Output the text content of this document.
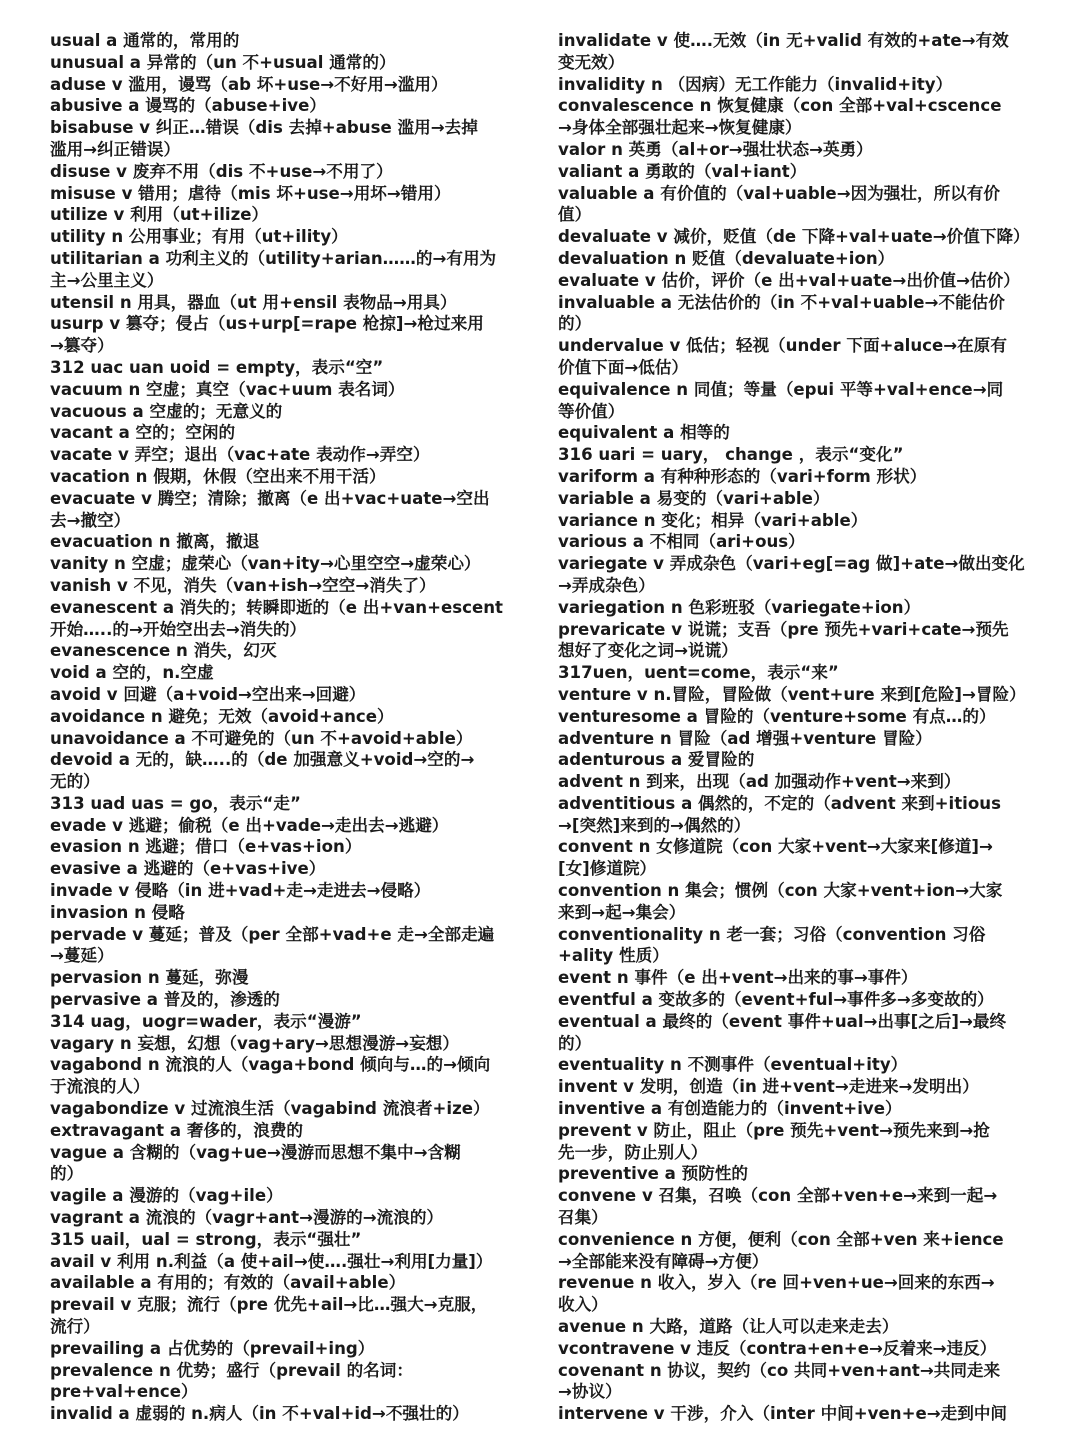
usual a 通常的，常用的
unusual a 异常的（un 不+usual 通常的）
aduse v 滥用，谩骂（ab 坏+use→不好用→滥用）
abusive a 谩骂的（abuse+ive）
bisabuse v 纠正…错误（dis 去掉+abuse 滥用→去掉
滥用→纠正错误）
disuse v 废弃不用（dis 不+use→不用了）
misuse v 错用；虐待（mis 坏+use→用坏→错用）
utilize v 利用（ut+ilize）
utility n 公用事业；有用（ut+ility）
utilitarian a 功利主义的（utility+arian……的→有用为
主→公里主义）
utensil n 用具，器血（ut 用+ensil 表物品→用具）
usurp v 篡夺；侵占（us+urp[=rape 枪掠]→枪过来用
→篡夺）
312 uac uan uoid = empty，表示“空”
vacuum n 空虚；真空（vac+uum 表名词）
vacuous a 空虚的；无意义的
vacant a 空的；空闲的
vacate v 弄空；退出（vac+ate 表动作→弄空）
vacation n 假期，休假（空出来不用干活）
evacuate v 腾空；清除；撤离（e 出+vac+uate→空出
去→撤空）
evacuation n 撤离，撤退
vanity n 空虚；虚荣心（van+ity→心里空空→虚荣心）
vanish v 不见，消失（van+ish→空空→消失了）
evanescent a 消失的；转瞬即逝的（e 出+van+escent
开始…..的→开始空出去→消失的）
evanescence n 消失，幻灭
void a 空的，n.空虚
avoid v 回避（a+void→空出来→回避）
avoidance n 避免；无效（avoid+ance）
unavoidance a 不可避免的（un 不+avoid+able）
devoid a 无的，缺…..的（de 加强意义+void→空的→
无的）
313 uad uas = go，表示“走”
evade v 逃避；偷税（e 出+vade→走出去→逃避）
evasion n 逃避；借口（e+vas+ion）
evasive a 逃避的（e+vas+ive）
invade v 侵略（in 进+vad+走→走进去→侵略）
invasion n 侵略
pervade v 蔓延；普及（per 全部+vad+e 走→全部走遍
→蔓延）
pervasion n 蔓延，弥漫
pervasive a 普及的，渗透的
314 uag，uogr=wader，表示“漫游”
vagary n 妄想，幻想（vag+ary→思想漫游→妄想）
vagabond n 流浪的人（vaga+bond 倾向与…的→倾向
于流浪的人）
vagabondize v 过流浪生活（vagabind 流浪者+ize）
extravagant a 奢侈的，浪费的
vague a 含糊的（vag+ue→漫游而思想不集中→含糊
的）
vagile a 漫游的（vag+ile）
vagrant a 流浪的（vagr+ant→漫游的→流浪的）
315 uail，ual = strong，表示“强壮”
avail v 利用 n.利益（a 使+ail→使….强壮→利用[力量]）
available a 有用的；有效的（avail+able）
prevail v 克服；流行（pre 优先+ail→比…强大→克服，
流行）
prevailing a 占优势的（prevail+ing）
prevalence n 优势；盛行（prevail 的名词：
pre+val+ence）
invalid a 虚弱的 n.病人（in 不+val+id→不强壮的）
invalidate v 使….无效（in 无+valid 有效的+ate→有效
变无效）
invalidity n （因病）无工作能力（invalid+ity）
convalescence n 恢复健康（con 全部+val+cscence
→身体全部强壮起来→恢复健康）
valor n 英勇（al+or→强壮状态→英勇）
valiant a 勇敢的（val+iant）
valuable a 有价值的（val+uable→因为强壮，所以有价
值）
devaluate v 减价，贬值（de 下降+val+uate→价值下降）
devaluation n 贬值（devaluate+ion）
evaluate v 估价，评价（e 出+val+uate→出价值→估价）
invaluable a 无法估价的（in 不+val+uable→不能估价
的）
undervalue v 低估；轻视（under 下面+aluce→在原有
价值下面→低估）
equivalence n 同值；等量（epui 平等+val+ence→同
等价值）
equivalent a 相等的
316 uari = uary， change ，表示“变化”
variform a 有种种形态的（vari+form 形状）
variable a 易变的（vari+able）
variance n 变化；相异（vari+able）
various a 不相同（ari+ous）
variegate v 弄成杂色（vari+eg[=ag 做]+ate→做出变化
→弄成杂色）
variegation n 色彩班驳（variegate+ion）
prevaricate v 说谎；支吾（pre 预先+vari+cate→预先
想好了变化之词→说谎）
317uen，uent=come，表示“来”
venture v n.冒险，冒险做（vent+ure 来到[危险]→冒险）
venturesome a 冒险的（venture+some 有点…的）
adventure n 冒险（ad 增强+venture 冒险）
adenturous a 爱冒险的
advent n 到来，出现（ad 加强动作+vent→来到）
adventitious a 偶然的，不定的（advent 来到+itious
→[突然]来到的→偶然的）
convent n 女修道院（con 大家+vent→大家来[修道]→
[女]修道院）
convention n 集会；惯例（con 大家+vent+ion→大家
来到→起→集会）
conventionality n 老一套；习俗（convention 习俗
+ality 性质）
event n 事件（e 出+vent→出来的事→事件）
eventful a 变故多的（event+ful→事件多→多变故的）
eventual a 最终的（event 事件+ual→出事[之后]→最终
的）
eventuality n 不测事件（eventual+ity）
invent v 发明，创造（in 进+vent→走进来→发明出）
inventive a 有创造能力的（invent+ive）
prevent v 防止，阻止（pre 预先+vent→预先来到→抢
先一步，防止别人）
preventive a 预防性的
convene v 召集，召唤（con 全部+ven+e→来到一起→
召集）
convenience n 方便，便利（con 全部+ven 来+ience
→全部能来没有障碍→方便）
revenue n 收入，岁入（re 回+ven+ue→回来的东西→
收入）
avenue n 大路，道路（让人可以走来走去）
vcontravene v 违反（contra+en+e→反着来→违反）
covenant n 协议，契约（co 共同+ven+ant→共同走来
→协议）
intervene v 干涉，介入（inter 中间+ven+e→走到中间
